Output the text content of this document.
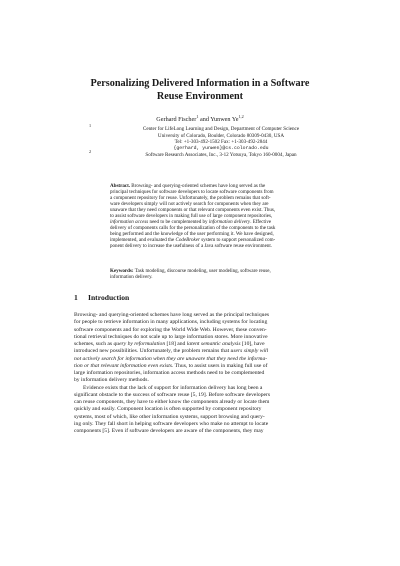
Personalizing Delivered Information in a Software
Reuse Environment
Gerhard Fischer$^1$ and Yunwen Ye$^{1,2}$
1
Center for LifeLong Learning and Design, Department of Computer Science
University of Colorado, Boulder, Colorado 80309-0430, USA
Tel: +1-303-492-1502 Fax: +1-303-492-2844
{gerhard, yunwen}@cs.colorado.edu
2
Software Research Associates, Inc., 3-12 Yotsuya, Tokyo 160-0004, Japan
Abstract. Browsing- and querying-oriented schemes have long served as the
principal techniques for software developers to locate software components from
a component repository for reuse. Unfortunately, the problem remains that soft-
ware developers simply will not actively search for components when they are
unaware that they need components or that relevant components even exist. Thus,
to assist software developers in making full use of large component repositories,
information access need to be complemented by information delivery. Effective
delivery of components calls for the personalization of the components to the task
being performed and the knowledge of the user performing it. We have designed,
implemented, and evaluated the CodeBroker system to support personalized com-
ponent delivery to increase the usefulness of a Java software reuse environment.
Keywords: Task modeling, discourse modeling, user modeling, software reuse,
information delivery.
1 Introduction
Browsing- and querying-oriented schemes have long served as the principal techniques
for people to retrieve information in many applications, including systems for locating
software components and for exploring the World Wide Web. However, these conven-
tional retrieval techniques do not scale up to large information stores. More innovative
schemes, such as query by reformulation [18] and latent semantic analysis [10], have
introduced new possibilities. Unfortunately, the problem remains that users simply will
not actively search for information when they are unaware that they need the informa-
tion or that relevant information even exists. Thus, to assist users in making full use of
large information repositories, information access methods need to be complemented
by information delivery methods.
Evidence exists that the lack of support for information delivery has long been a
significant obstacle to the success of software reuse [5, 19]. Before software developers
can reuse components, they have to either know the components already or locate them
quickly and easily. Component location is often supported by component repository
systems, most of which, like other information systems, support browsing and query-
ing only. They fall short in helping software developers who make no attempt to locate
components [5]. Even if software developers are aware of the components, they may
